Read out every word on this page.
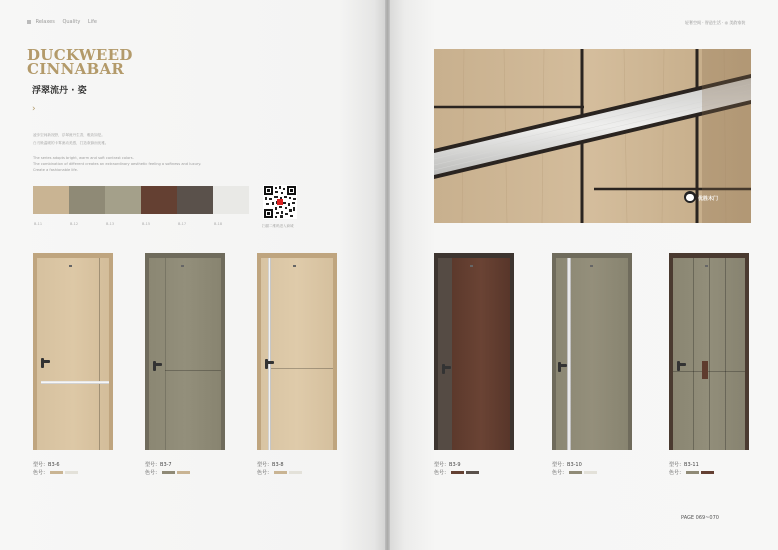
Relaxes Quality Life
DUCKWEED
CINNABAR
浮翠流丹 · 姿
›
凌步空间新视野，浮翠流丹生香，雅致如是。
白刃般温暖的卡雾流动美感，打造欢愉而优雅。
The series adopts bright, warm and soft contrast colors.
The combination of different creates an extraordinary aesthetic feeling a softness and luxury.
Create a fashionable life.
B-11	B-12	B-13	B-15	B-17	B-18	扫描二维码进入商城
轻奢空间 · 智造生活 · ◎ 美韵家装
优胜木门
型号：B3-6
色号：
型号：B3-7
色号：
型号：B3-8
色号：
型号：B3-9
色号：
型号：B3-10
色号：
型号：B3-11
色号：
PAGE 069~070
